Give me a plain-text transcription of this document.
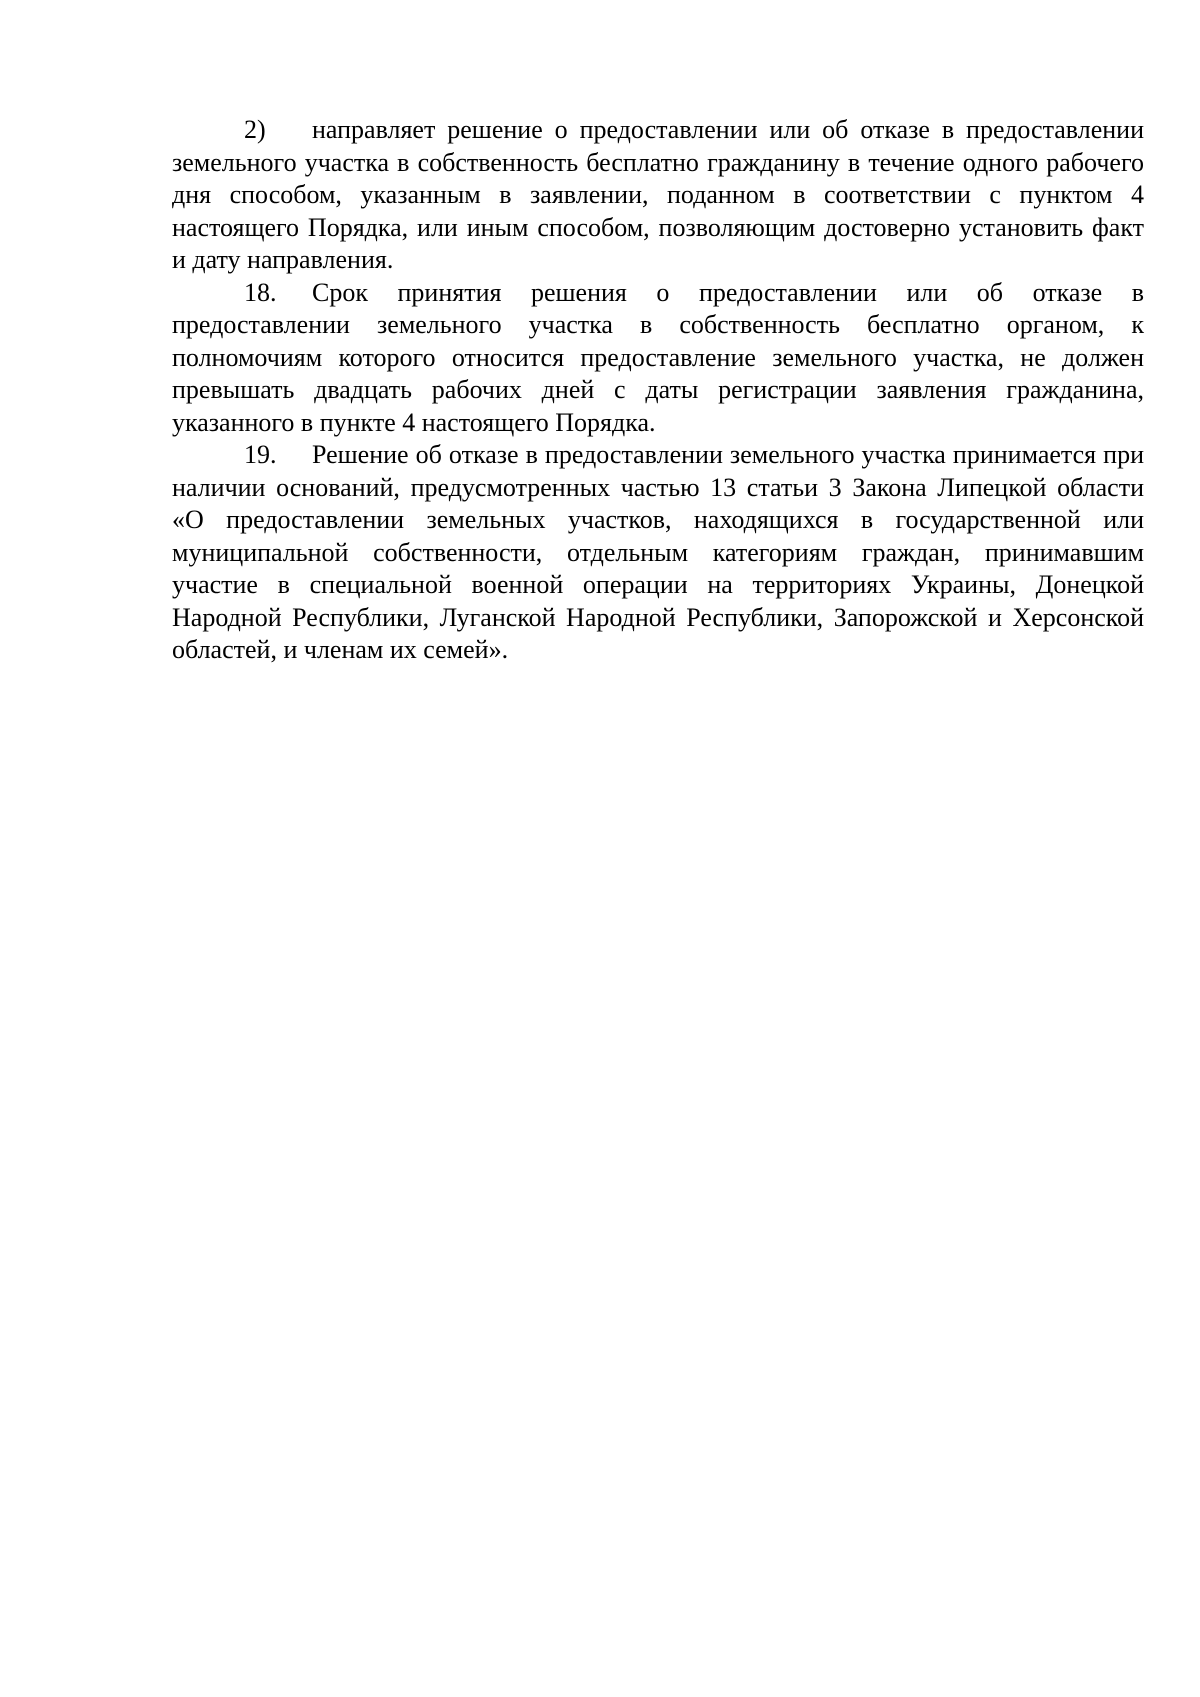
2) направляет решение о предоставлении или об отказе в предоставлении земельного участка в собственность бесплатно гражданину в течение одного рабочего дня способом, указанным в заявлении, поданном в соответствии с пунктом 4 настоящего Порядка, или иным способом, позволяющим достоверно установить факт и дату направления.

18. Срок принятия решения о предоставлении или об отказе в предоставлении земельного участка в собственность бесплатно органом, к полномочиям которого относится предоставление земельного участка, не должен превышать двадцать рабочих дней с даты регистрации заявления гражданина, указанного в пункте 4 настоящего Порядка.

19. Решение об отказе в предоставлении земельного участка принимается при наличии оснований, предусмотренных частью 13 статьи 3 Закона Липецкой области «О предоставлении земельных участков, находящихся в государственной или муниципальной собственности, отдельным категориям граждан, принимавшим участие в специальной военной операции на территориях Украины, Донецкой Народной Республики, Луганской Народной Республики, Запорожской и Херсонской областей, и членам их семей».
